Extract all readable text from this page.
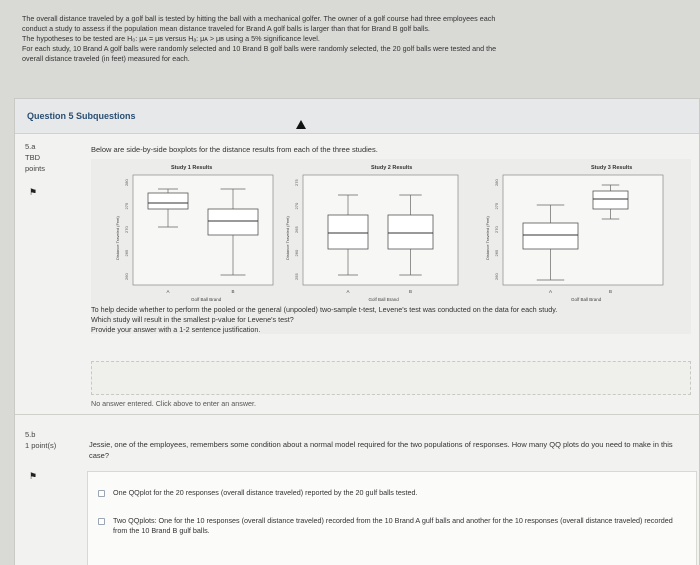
The overall distance traveled by a golf ball is tested by hitting the ball with a mechanical golfer. The owner of a golf course had three employees each

conduct a study to assess if the population mean distance traveled for Brand A golf balls is larger than that for Brand B golf balls.

The hypotheses to be tested are H₀: μᴀ = μʙ versus Hₐ: μᴀ > μʙ using a 5% significance level.

For each study, 10 Brand A golf balls were randomly selected and 10 Brand B golf balls were randomly selected, the 20 golf balls were tested and the

overall distance traveled (in feet) measured for each.

Question 5 Subquestions
5.a
TBD
points
⚑
Below are side-by-side boxplots for the distance results from each of the three studies.
Study 1 Results
Distance Traveled (Feet)
280
275
270
265
260
A	B
Golf Ball Brand
Study 2 Results
Distance Traveled (Feet)
275
270
265
260
255
A	B
Golf Ball Brand
Study 3 Results
Distance Traveled (Feet)
280
275
270
265
260
A	B
Golf Ball Brand

To help decide whether to perform the pooled or the general (unpooled) two-sample t-test, Levene's test was conducted on the data for each study.

Which study will result in the smallest p-value for Levene's test?

Provide your answer with a 1-2 sentence justification.

No answer entered. Click above to enter an answer.
5.b
1 point(s)
⚑
Jessie, one of the employees, remembers some condition about a normal model required for the two populations of responses. How many QQ plots do you need to make in this case?
One QQplot for the 20 responses (overall distance traveled) reported by the 20 gulf balls tested.
Two QQplots: One for the 10 responses (overall distance traveled) recorded from the 10 Brand A gulf balls and another for the 10 responses (overall distance traveled) recorded from the 10 Brand B gulf balls.
